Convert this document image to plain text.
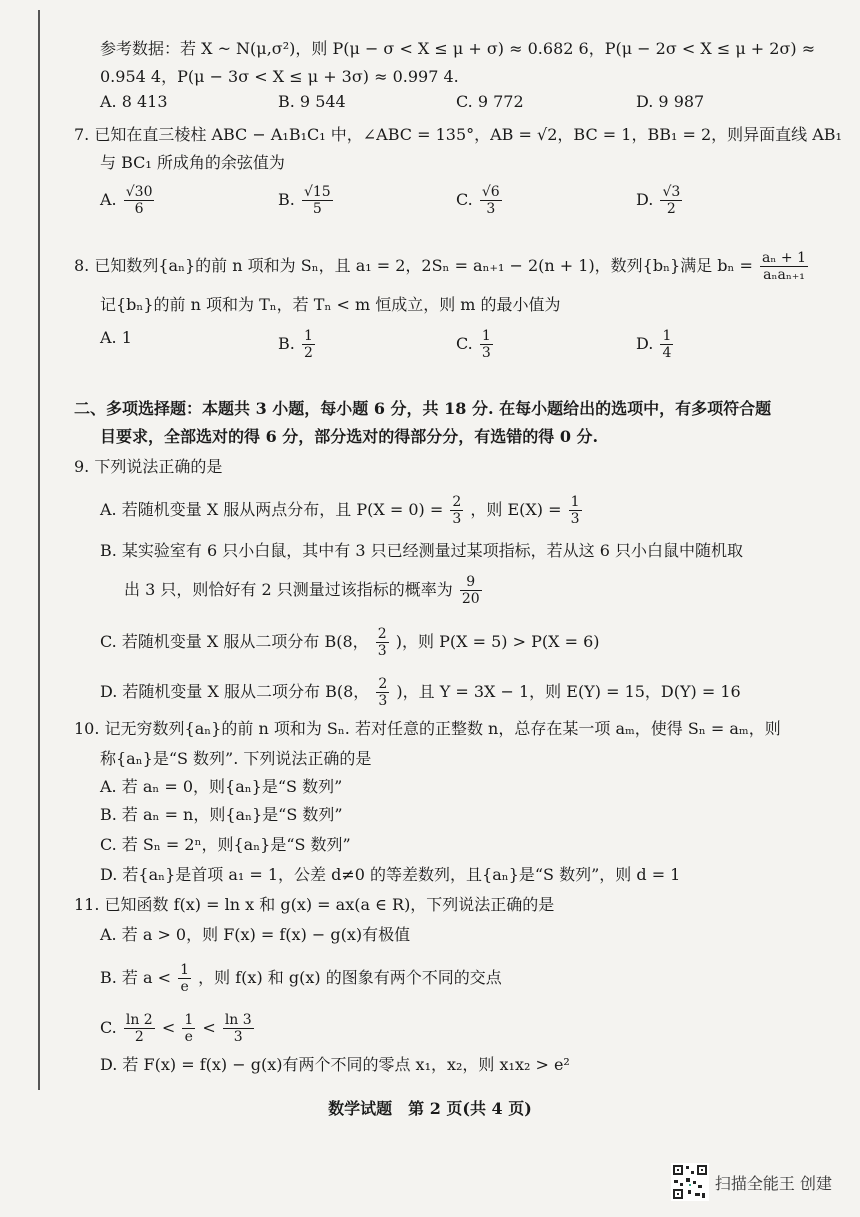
参考数据：若 X ~ N(μ,σ²)，则 P(μ − σ < X ≤ μ + σ) ≈ 0.682 6，P(μ − 2σ < X ≤ μ + 2σ) ≈
0.954 4，P(μ − 3σ < X ≤ μ + 3σ) ≈ 0.997 4.
A. 8 413	B. 9 544	C. 9 772	D. 9 987
7. 已知在直三棱柱 ABC − A₁B₁C₁ 中，∠ABC = 135°，AB = √2，BC = 1，BB₁ = 2，则异面直线 AB₁
与 BC₁ 所成角的余弦值为
A. $\frac{√30}{6}$	B. $\frac{√15}{5}$	C. $\frac{√6}{3}$	D. $\frac{√3}{2}$
8. 已知数列{aₙ}的前 n 项和为 Sₙ，且 a₁ = 2，2Sₙ = aₙ₊₁ − 2(n + 1)，数列{bₙ}满足 $b_n = \frac{\text{aₙ + 1}}{\text{aₙaₙ₊₁}}$
记{bₙ}的前 n 项和为 Tₙ，若 Tₙ < m 恒成立，则 m 的最小值为
A. 1	B. $\frac{1}{2}$	C. $\frac{1}{3}$	D. $\frac{1}{4}$
二、多项选择题：本题共 3 小题，每小题 6 分，共 18 分. 在每小题给出的选项中，有多项符合题
目要求，全部选对的得 6 分，部分选对的得部分分，有选错的得 0 分.
9. 下列说法正确的是
A. 若随机变量 X 服从两点分布，且 $P(X = 0) = \frac{2}{3}$ ，则 $E(X) = \frac{1}{3}$
B. 某实验室有 6 只小白鼠，其中有 3 只已经测量过某项指标，若从这 6 只小白鼠中随机取
出 3 只，则恰好有 2 只测量过该指标的概率为 $\frac{9}{20}$
C. 若随机变量 X 服从二项分布 B(8， $\frac{2}{3}$ )，则 P(X = 5) > P(X = 6)
D. 若随机变量 X 服从二项分布 B(8， $\frac{2}{3}$ )，且 Y = 3X − 1，则 E(Y) = 15，D(Y) = 16
10. 记无穷数列{aₙ}的前 n 项和为 Sₙ. 若对任意的正整数 n，总存在某一项 aₘ，使得 Sₙ = aₘ，则
称{aₙ}是“S 数列”. 下列说法正确的是
A. 若 aₙ = 0，则{aₙ}是“S 数列”
B. 若 aₙ = n，则{aₙ}是“S 数列”
C. 若 Sₙ = 2ⁿ，则{aₙ}是“S 数列”
D. 若{aₙ}是首项 a₁ = 1，公差 d≠0 的等差数列，且{aₙ}是“S 数列”，则 d = 1
11. 已知函数 f(x) = ln x 和 g(x) = ax(a ∈ R)，下列说法正确的是
A. 若 a > 0，则 F(x) = f(x) − g(x)有极值
B. 若 $a < \frac{1}{e}$ ，则 f(x) 和 g(x) 的图象有两个不同的交点
C. $\frac{\ln 2}{2} < \frac{1}{e} < \frac{\ln 3}{3}$
D. 若 F(x) = f(x) − g(x)有两个不同的零点 x₁，x₂，则 x₁x₂ > e²
数学试题　第 2 页(共 4 页)
扫描全能王 创建
